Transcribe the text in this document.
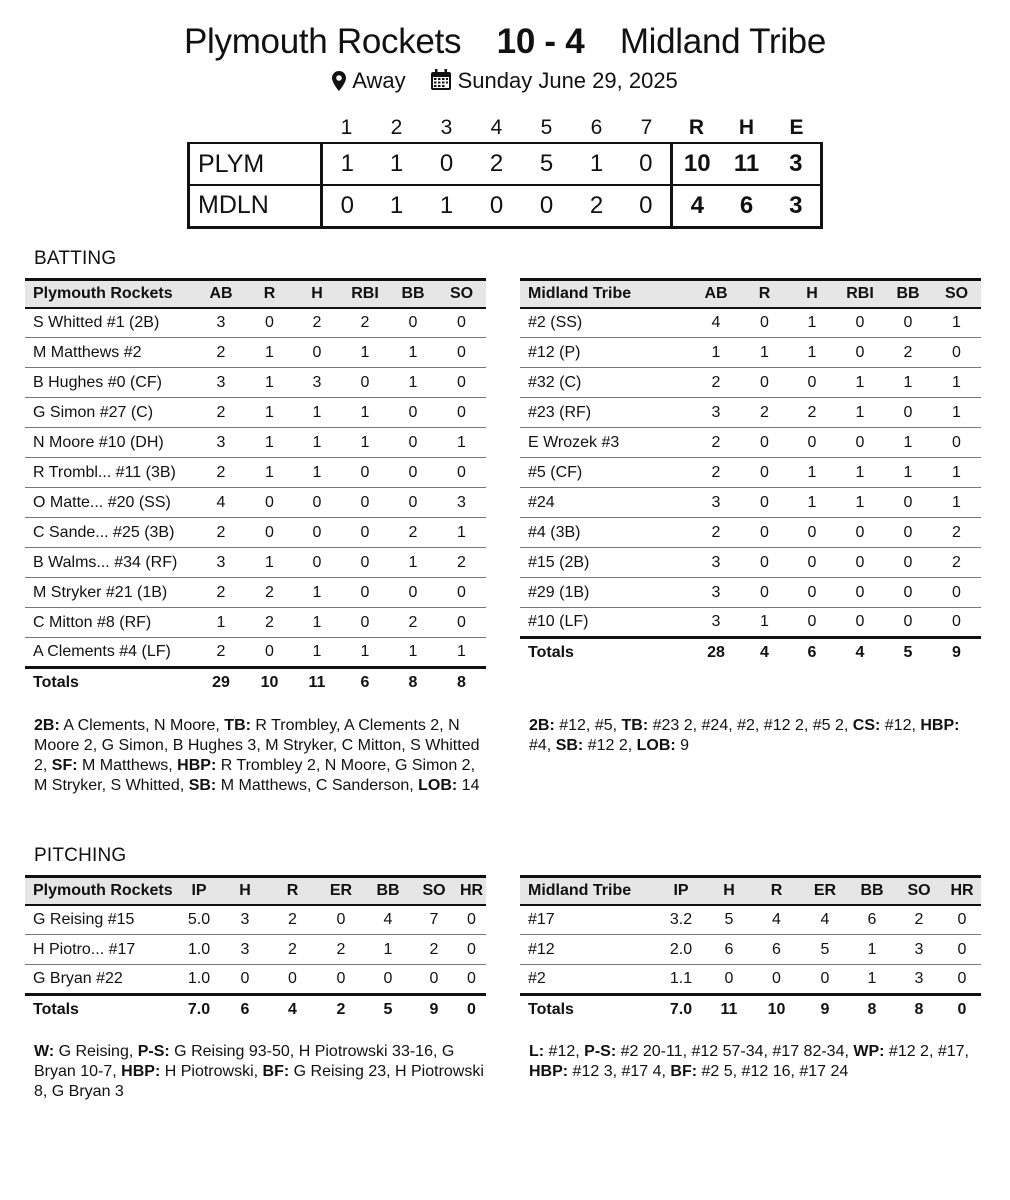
Plymouth Rockets 10 - 4 Midland Tribe
Away Sunday June 29, 2025
	1	2	3	4	5	6	7	R	H	E
PLYM	1	1	0	2	5	1	0	10	11	3
MDLN	0	1	1	0	0	2	0	4	6	3
BATTING
Plymouth Rockets	AB	R	H	RBI	BB	SO
S Whitted #1 (2B)	3	0	2	2	0	0
M Matthews #2	2	1	0	1	1	0
B Hughes #0 (CF)	3	1	3	0	1	0
G Simon #27 (C)	2	1	1	1	0	0
N Moore #10 (DH)	3	1	1	1	0	1
R Trombl... #11 (3B)	2	1	1	0	0	0
O Matte... #20 (SS)	4	0	0	0	0	3
C Sande... #25 (3B)	2	0	0	0	2	1
B Walms... #34 (RF)	3	1	0	0	1	2
M Stryker #21 (1B)	2	2	1	0	0	0
C Mitton #8 (RF)	1	2	1	0	2	0
A Clements #4 (LF)	2	0	1	1	1	1
Totals	29	10	11	6	8	8
Midland Tribe	AB	R	H	RBI	BB	SO
#2 (SS)	4	0	1	0	0	1
#12 (P)	1	1	1	0	2	0
#32 (C)	2	0	0	1	1	1
#23 (RF)	3	2	2	1	0	1
E Wrozek #3	2	0	0	0	1	0
#5 (CF)	2	0	1	1	1	1
#24	3	0	1	1	0	1
#4 (3B)	2	0	0	0	0	2
#15 (2B)	3	0	0	0	0	2
#29 (1B)	3	0	0	0	0	0
#10 (LF)	3	1	0	0	0	0
Totals	28	4	6	4	5	9
2B: A Clements, N Moore, TB: R Trombley, A Clements 2, N Moore 2, G Simon, B Hughes 3, M Stryker, C Mitton, S Whitted 2, SF: M Matthews, HBP: R Trombley 2, N Moore, G Simon 2, M Stryker, S Whitted, SB: M Matthews, C Sanderson, LOB: 14
2B: #12, #5, TB: #23 2, #24, #2, #12 2, #5 2, CS: #12, HBP: #4, SB: #12 2, LOB: 9
PITCHING
Plymouth Rockets	IP	H	R	ER	BB	SO	HR
G Reising #15	5.0	3	2	0	4	7	0
H Piotro... #17	1.0	3	2	2	1	2	0
G Bryan #22	1.0	0	0	0	0	0	0
Totals	7.0	6	4	2	5	9	0
Midland Tribe	IP	H	R	ER	BB	SO	HR
#17	3.2	5	4	4	6	2	0
#12	2.0	6	6	5	1	3	0
#2	1.1	0	0	0	1	3	0
Totals	7.0	11	10	9	8	8	0
W: G Reising, P-S: G Reising 93-50, H Piotrowski 33-16, G Bryan 10-7, HBP: H Piotrowski, BF: G Reising 23, H Piotrowski 8, G Bryan 3
L: #12, P-S: #2 20-11, #12 57-34, #17 82-34, WP: #12 2, #17, HBP: #12 3, #17 4, BF: #2 5, #12 16, #17 24
